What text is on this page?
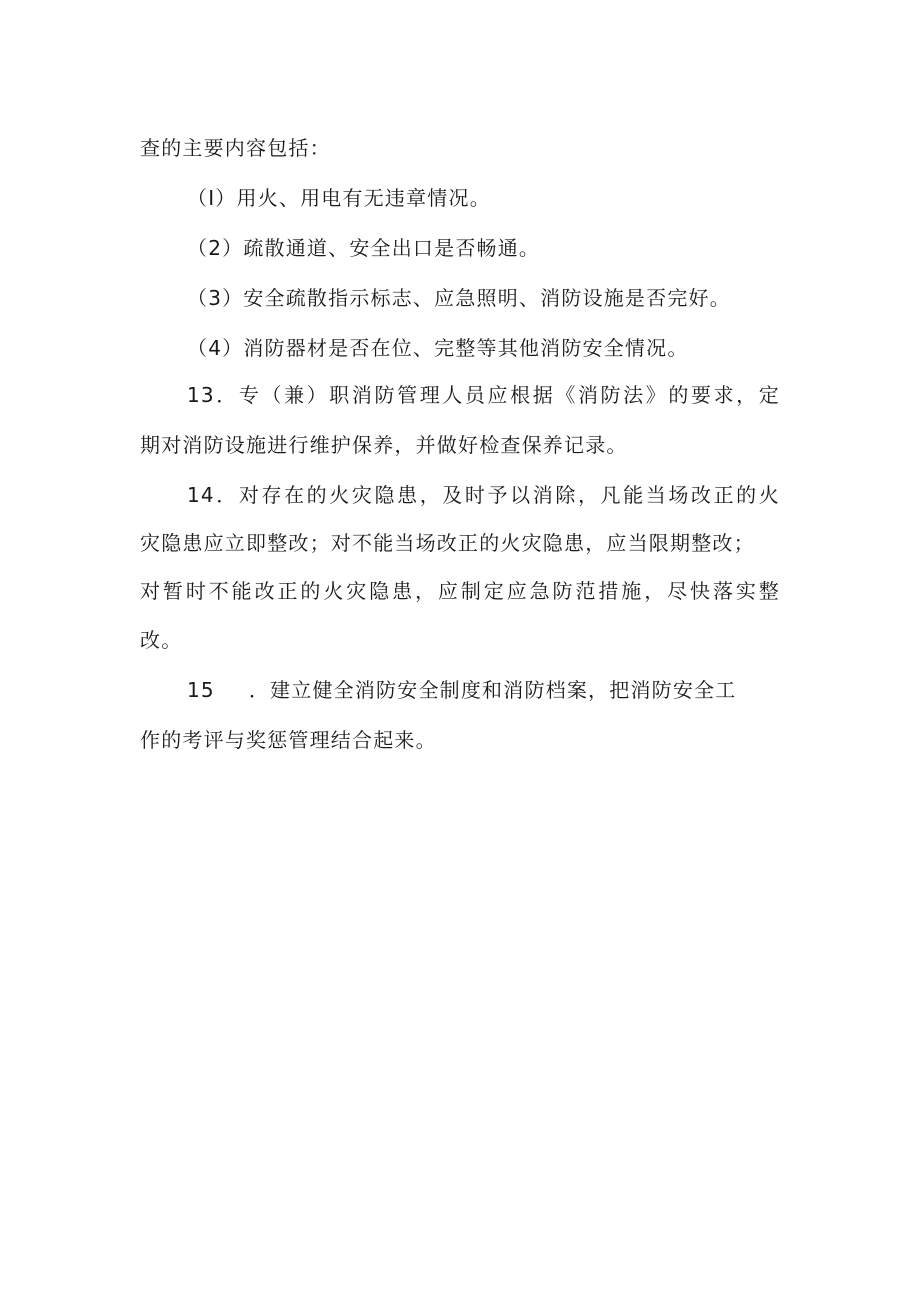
查的主要内容包括：
（I）用火、用电有无违章情况。
（2）疏散通道、安全出口是否畅通。
（3）安全疏散指示标志、应急照明、消防设施是否完好。
（4）消防器材是否在位、完整等其他消防安全情况。
13．专（兼）职消防管理人员应根据《消防法》的要求，定
期对消防设施进行维护保养，并做好检查保养记录。
14．对存在的火灾隐患，及时予以消除，凡能当场改正的火
灾隐患应立即整改；对不能当场改正的火灾隐患，应当限期整改；
对暂时不能改正的火灾隐患，应制定应急防范措施，尽快落实整
改。
15 ．建立健全消防安全制度和消防档案，把消防安全工
作的考评与奖惩管理结合起来。
